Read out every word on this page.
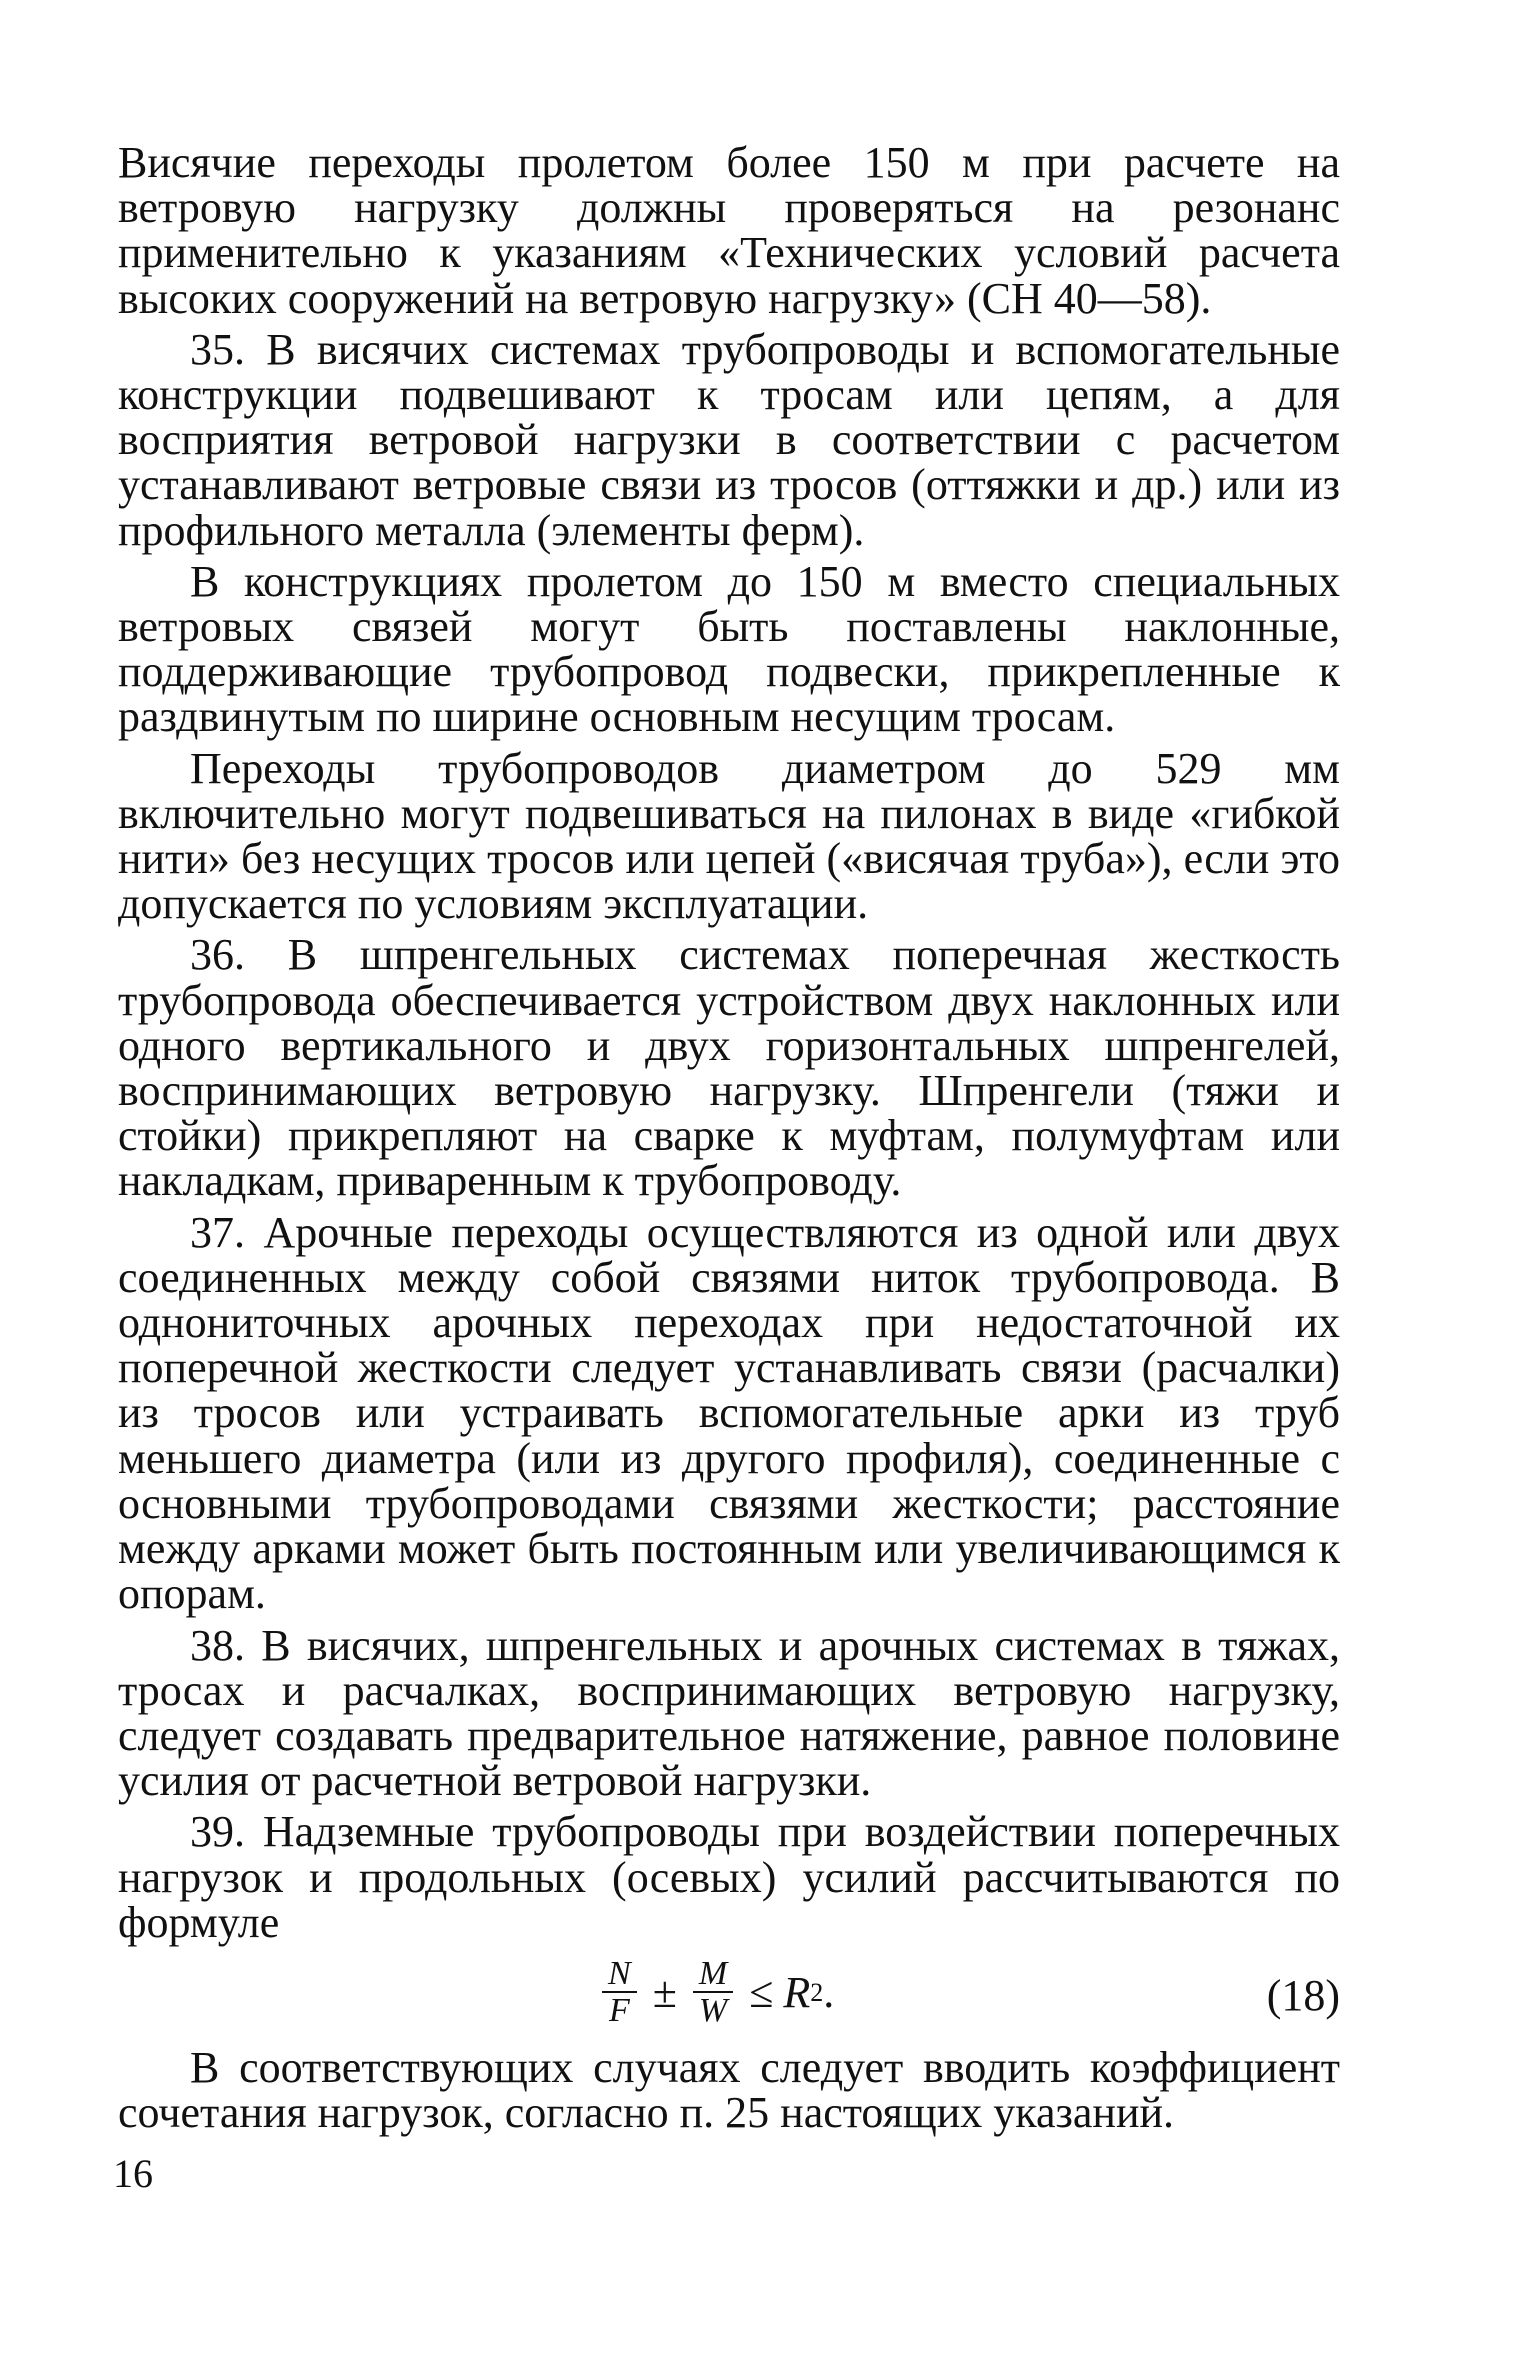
Висячие переходы пролетом более 150 м при расчете на ветровую нагрузку должны проверяться на резонанс применительно к указаниям «Технических условий расчета высоких сооружений на ветровую нагрузку» (СН 40—58).

35. В висячих системах трубопроводы и вспомогательные конструкции подвешивают к тросам или цепям, а для восприятия ветровой нагрузки в соответствии с расчетом устанавливают ветровые связи из тросов (оттяжки и др.) или из профильного металла (элементы ферм).

В конструкциях пролетом до 150 м вместо специальных ветровых связей могут быть поставлены наклонные, поддерживающие трубопровод подвески, прикрепленные к раздвинутым по ширине основным несущим тросам.

Переходы трубопроводов диаметром до 529 мм включительно могут подвешиваться на пилонах в виде «гибкой нити» без несущих тросов или цепей («висячая труба»), если это допускается по условиям эксплуатации.

36. В шпренгельных системах поперечная жесткость трубопровода обеспечивается устройством двух наклонных или одного вертикального и двух горизонтальных шпренгелей, воспринимающих ветровую нагрузку. Шпренгели (тяжи и стойки) прикрепляют на сварке к муфтам, полумуфтам или накладкам, приваренным к трубопроводу.

37. Арочные переходы осуществляются из одной или двух соединенных между собой связями ниток трубопровода. В однониточных арочных переходах при недостаточной их поперечной жесткости следует устанавливать связи (расчалки) из тросов или устраивать вспомогательные арки из труб меньшего диаметра (или из другого профиля), соединенные с основными трубопроводами связями жесткости; расстояние между арками может быть постоянным или увеличивающимся к опорам.

38. В висячих, шпренгельных и арочных системах в тяжах, тросах и расчалках, воспринимающих ветровую нагрузку, следует создавать предварительное натяжение, равное половине усилия от расчетной ветровой нагрузки.

39. Надземные трубопроводы при воздействии поперечных нагрузок и продольных (осевых) усилий рассчитываются по формуле

$\frac{N}{F} \pm \frac{M}{W} \le R$ 2 .	(18)

В соответствующих случаях следует вводить коэффициент сочетания нагрузок, согласно п. 25 настоящих указаний.

16
